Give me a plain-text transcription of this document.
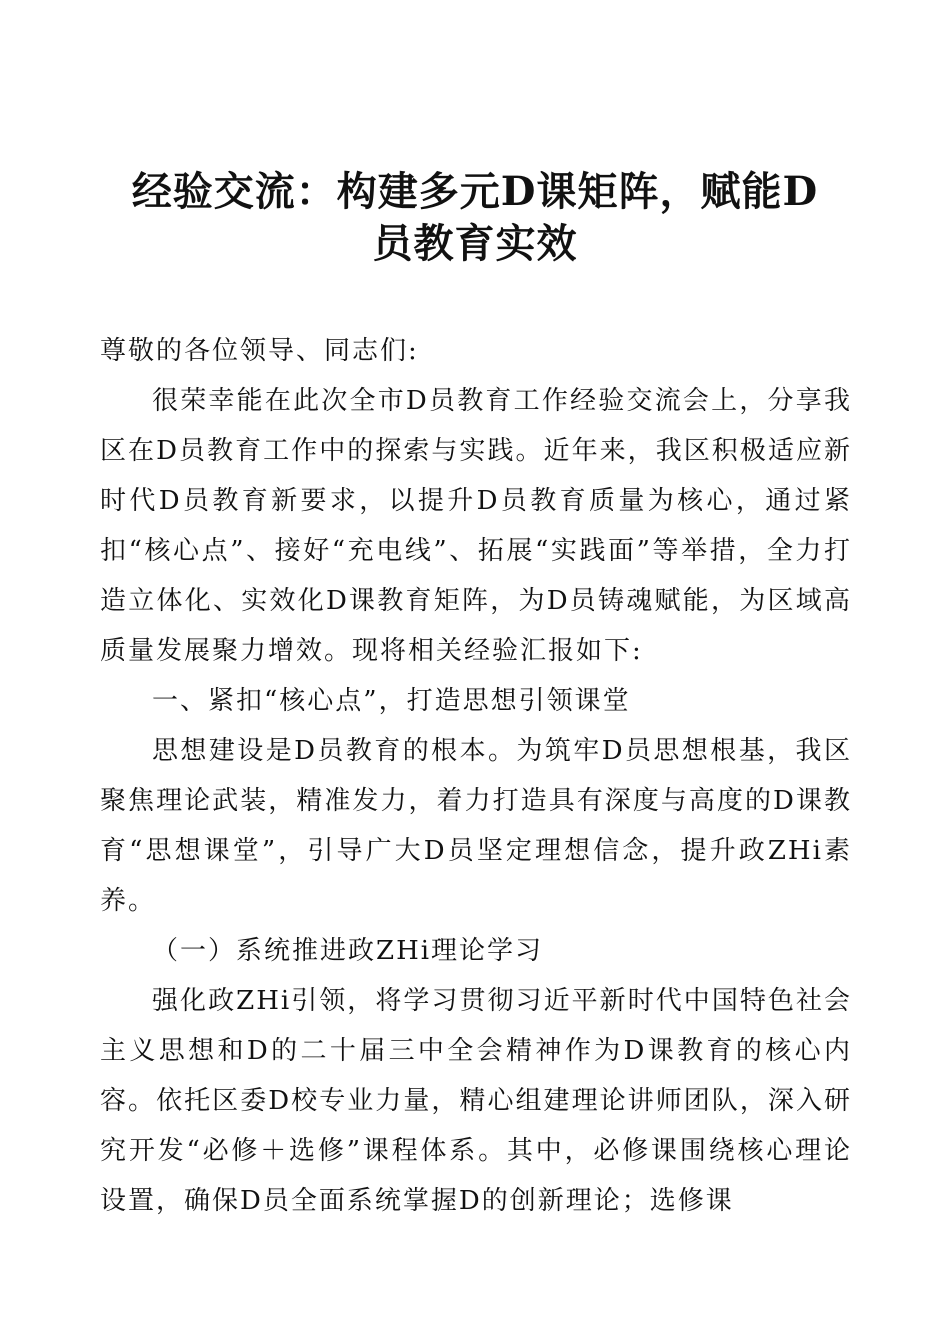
经验交流：构建多元D课矩阵，赋能D
员教育实效

尊敬的各位领导、同志们:

很荣幸能在此次全市D员教育工作经验交流会上，分享我区在D员教育工作中的探索与实践。近年来，我区积极适应新时代D员教育新要求，以提升D员教育质量为核心，通过紧扣“核心点”、接好“充电线”、拓展“实践面”等举措，全力打造立体化、实效化D课教育矩阵，为D员铸魂赋能，为区域高质量发展聚力增效。现将相关经验汇报如下:

一、紧扣“核心点”，打造思想引领课堂

思想建设是D员教育的根本。为筑牢D员思想根基，我区聚焦理论武装，精准发力，着力打造具有深度与高度的D课教育“思想课堂”，引导广大D员坚定理想信念，提升政ZHi素养。

（一）系统推进政ZHi理论学习

强化政ZHi引领，将学习贯彻习近平新时代中国特色社会主义思想和D的二十届三中全会精神作为D课教育的核心内容。依托区委D校专业力量，精心组建理论讲师团队，深入研究开发“必修＋选修”课程体系。其中，必修课围绕核心理论设置，确保D员全面系统掌握D的创新理论；选修课
